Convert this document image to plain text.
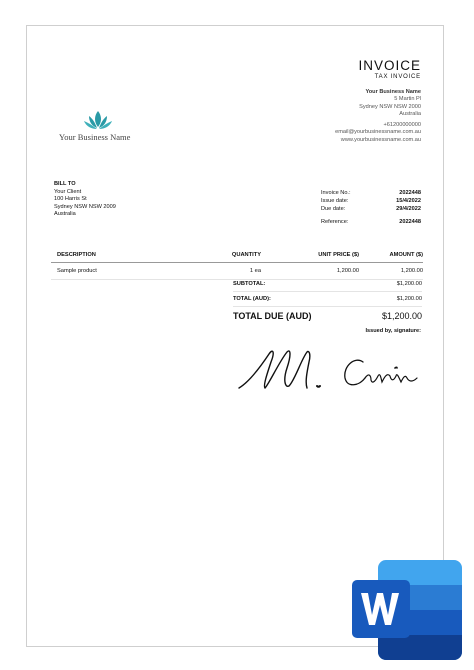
INVOICE
TAX INVOICE
Your Business Name
5 Martin Pl
Sydney NSW NSW 2000
Australia
+61200000000
email@yourbusinessname.com.au
www.yourbusinessname.com.au
Your Business Name
BILL TO
Your Client
100 Harris St
Sydney NSW NSW 2009
Australia
Invoice No.:	2022448
Issue date:	15/4/2022
Due date:	29/4/2022
Reference:	2022448
DESCRIPTION	QUANTITY	UNIT PRICE ($)	AMOUNT ($)
Sample product	1 ea	1,200.00	1,200.00
SUBTOTAL:	$1,200.00
TOTAL (AUD):	$1,200.00
TOTAL DUE (AUD)	$1,200.00
Issued by, signature:
